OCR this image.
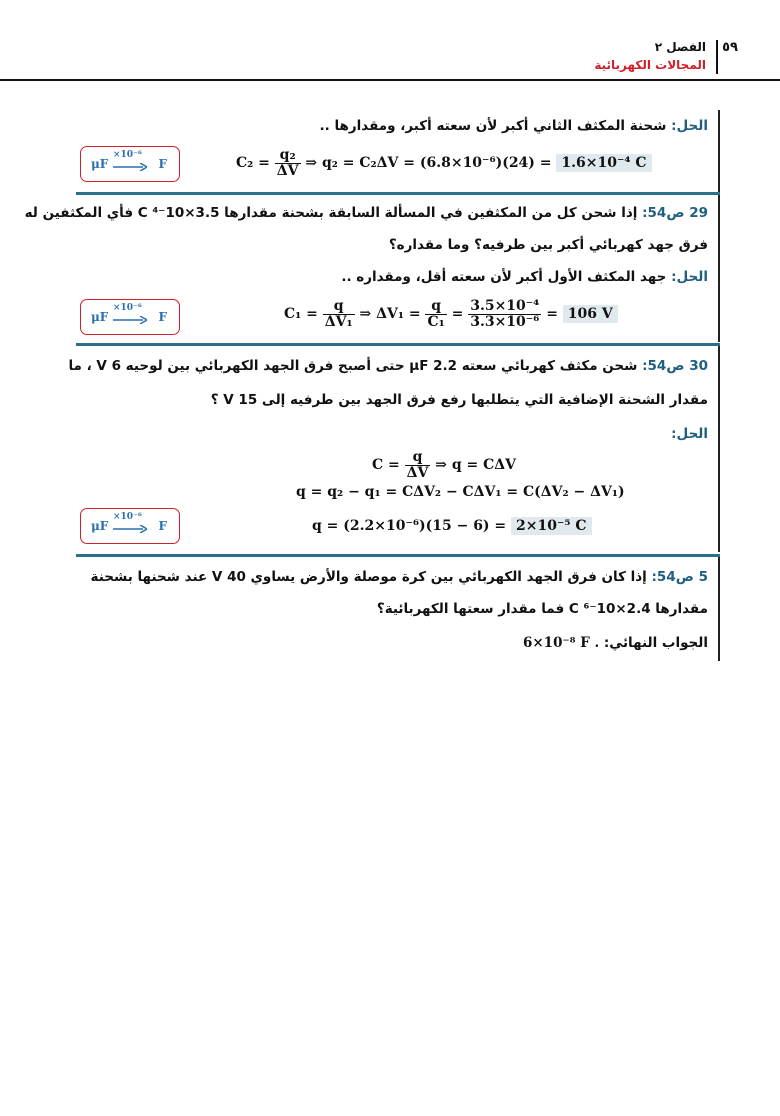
٥٩
الفصل ٢
المجالات الكهربائية
الحل: شحنة المكثف الثاني أكبر لأن سعته أكبر، ومقدارها ..
μF
×10⁻⁶
F	$C_2 = \frac{\text{q₂}}{\Delta V}$ ⇒ q₂ = C₂ΔV = (6.8×10⁻⁶)(24) = 1.6×10⁻⁴ C
29 ص54: إذا شحن كل من المكثفين في المسألة السابقة بشحنة مقدارها 3.5×10⁻⁴ C فأي المكثفين له
فرق جهد كهربائي أكبر بين طرفيه؟ وما مقداره؟
الحل: جهد المكثف الأول أكبر لأن سعته أقل، ومقداره ..
μF
×10⁻⁶
F	$C_1 = \frac{q}{\text{ΔV₁}}$ ⇒ $\Delta V_1 = \frac{q}{\text{C₁}} = \frac{\text{3.5×10⁻⁴}}{\text{3.3×10⁻⁶}} = 106$ V
30 ص54: شحن مكثف كهربائي سعته 2.2 μF حتى أصبح فرق الجهد الكهربائي بين لوحيه 6 V ، ما
مقدار الشحنة الإضافية التي يتطلبها رفع فرق الجهد بين طرفيه إلى 15 V ؟
الحل:
$C = \frac{q}{\Delta V}$ ⇒ q = CΔV
q = q₂ − q₁ = CΔV₂ − CΔV₁ = C(ΔV₂ − ΔV₁)
μF
×10⁻⁶
F	q = (2.2×10⁻⁶)(15 − 6) = 2×10⁻⁵ C
5 ص54: إذا كان فرق الجهد الكهربائي بين كرة موصلة والأرض يساوي 40 V عند شحنها بشحنة
مقدارها 2.4×10⁻⁶ C فما مقدار سعتها الكهربائية؟
الجواب النهائي: 6×10⁻⁸ F .
